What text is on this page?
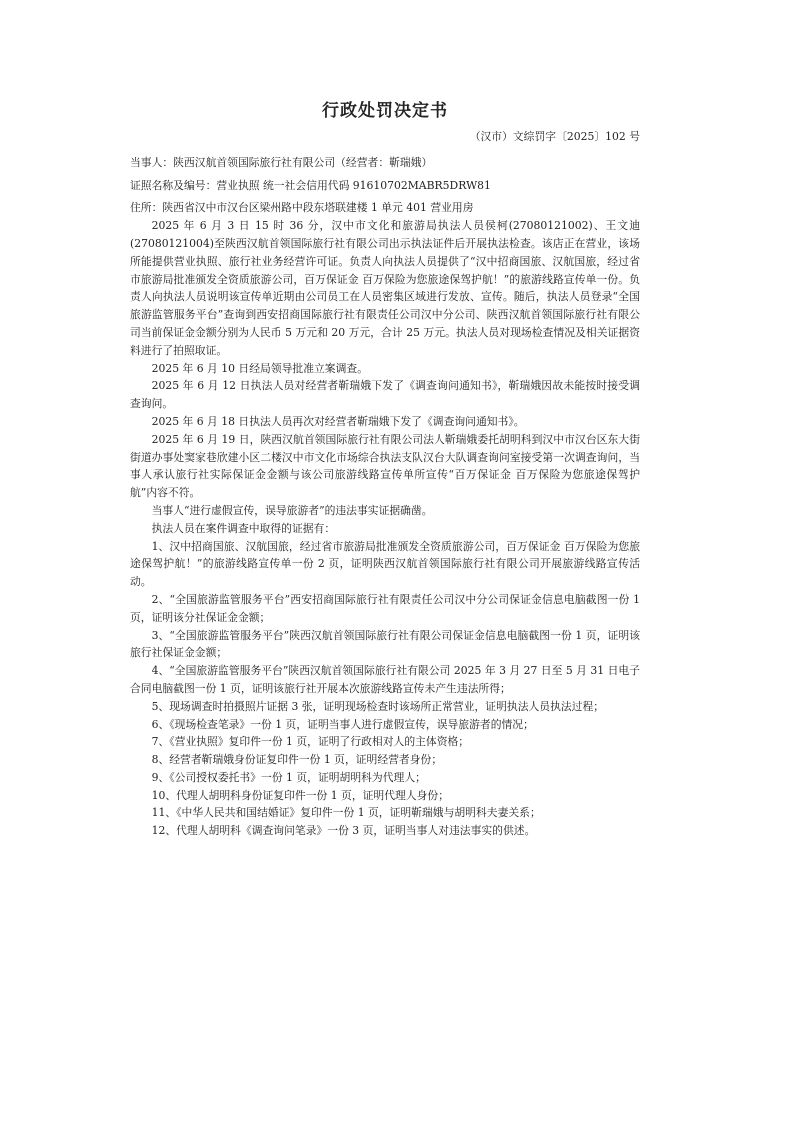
行政处罚决定书
（汉市）文综罚字〔2025〕102 号
当事人：陕西汉航首领国际旅行社有限公司（经营者：靳瑞娥）
证照名称及编号：营业执照 统一社会信用代码 91610702MABR5DRW81
住所：陕西省汉中市汉台区梁州路中段东塔联建楼 1 单元 401 营业用房

2025 年 6 月 3 日 15 时 36 分，汉中市文化和旅游局执法人员侯柯(27080121002)、王文迪(27080121004)至陕西汉航首领国际旅行社有限公司出示执法证件后开展执法检查。该店正在营业，该场所能提供营业执照、旅行社业务经营许可证。负责人向执法人员提供了“汉中招商国旅、汉航国旅，经过省市旅游局批准颁发全资质旅游公司，百万保证金 百万保险为您旅途保驾护航！”的旅游线路宣传单一份。负责人向执法人员说明该宣传单近期由公司员工在人员密集区域进行发放、宣传。随后，执法人员登录“全国旅游监管服务平台”查询到西安招商国际旅行社有限责任公司汉中分公司、陕西汉航首领国际旅行社有限公司当前保证金金额分别为人民币 5 万元和 20 万元，合计 25 万元。执法人员对现场检查情况及相关证据资料进行了拍照取证。

2025 年 6 月 10 日经局领导批准立案调查。

2025 年 6 月 12 日执法人员对经营者靳瑞娥下发了《调查询问通知书》，靳瑞娥因故未能按时接受调查询问。

2025 年 6 月 18 日执法人员再次对经营者靳瑞娥下发了《调查询问通知书》。

2025 年 6 月 19 日，陕西汉航首领国际旅行社有限公司法人靳瑞娥委托胡明科到汉中市汉台区东大街街道办事处窦家巷欣建小区二楼汉中市文化市场综合执法支队汉台大队调查询问室接受第一次调查询问，当事人承认旅行社实际保证金金额与该公司旅游线路宣传单所宣传“百万保证金 百万保险为您旅途保驾护航”内容不符。

当事人“进行虚假宣传，误导旅游者”的违法事实证据确凿。

执法人员在案件调查中取得的证据有：

1、汉中招商国旅、汉航国旅，经过省市旅游局批准颁发全资质旅游公司，百万保证金 百万保险为您旅途保驾护航！”的旅游线路宣传单一份 2 页，证明陕西汉航首领国际旅行社有限公司开展旅游线路宣传活动。

2、“全国旅游监管服务平台”西安招商国际旅行社有限责任公司汉中分公司保证金信息电脑截图一份 1 页，证明该分社保证金金额；

3、“全国旅游监管服务平台”陕西汉航首领国际旅行社有限公司保证金信息电脑截图一份 1 页，证明该旅行社保证金金额；

4、“全国旅游监管服务平台”陕西汉航首领国际旅行社有限公司 2025 年 3 月 27 日至 5 月 31 日电子合同电脑截图一份 1 页，证明该旅行社开展本次旅游线路宣传未产生违法所得；

5、现场调查时拍摄照片证据 3 张，证明现场检查时该场所正常营业，证明执法人员执法过程；

6、《现场检查笔录》一份 1 页，证明当事人进行虚假宣传，误导旅游者的情况；

7、《营业执照》复印件一份 1 页，证明了行政相对人的主体资格；

8、经营者靳瑞娥身份证复印件一份 1 页，证明经营者身份；

9、《公司授权委托书》一份 1 页，证明胡明科为代理人；

10、代理人胡明科身份证复印件一份 1 页，证明代理人身份；

11、《中华人民共和国结婚证》复印件一份 1 页，证明靳瑞娥与胡明科夫妻关系；

12、代理人胡明科《调查询问笔录》一份 3 页，证明当事人对违法事实的供述。
